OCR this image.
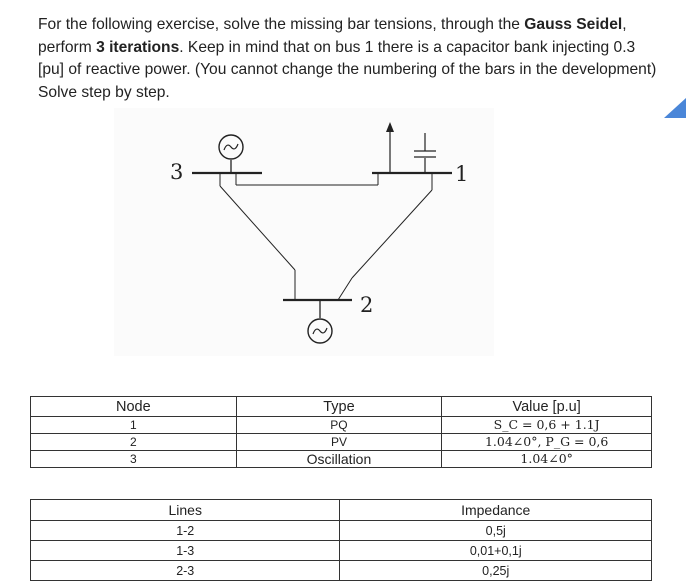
For the following exercise, solve the missing bar tensions, through the Gauss Seidel, perform 3 iterations. Keep in mind that on bus 1 there is a capacitor bank injecting 0.3 [pu] of reactive power. (You cannot change the numbering of the bars in the development) Solve step by step.
3	1
2
Node	Type	Value [p.u]
1	PQ	S_C = 0,6 + 1.1J
2	PV	1.04∠0°, P_G = 0,6
3	Oscillation	1.04∠0°
Lines	Impedance
1-2	0,5j
1-3	0,01+0,1j
2-3	0,25j
